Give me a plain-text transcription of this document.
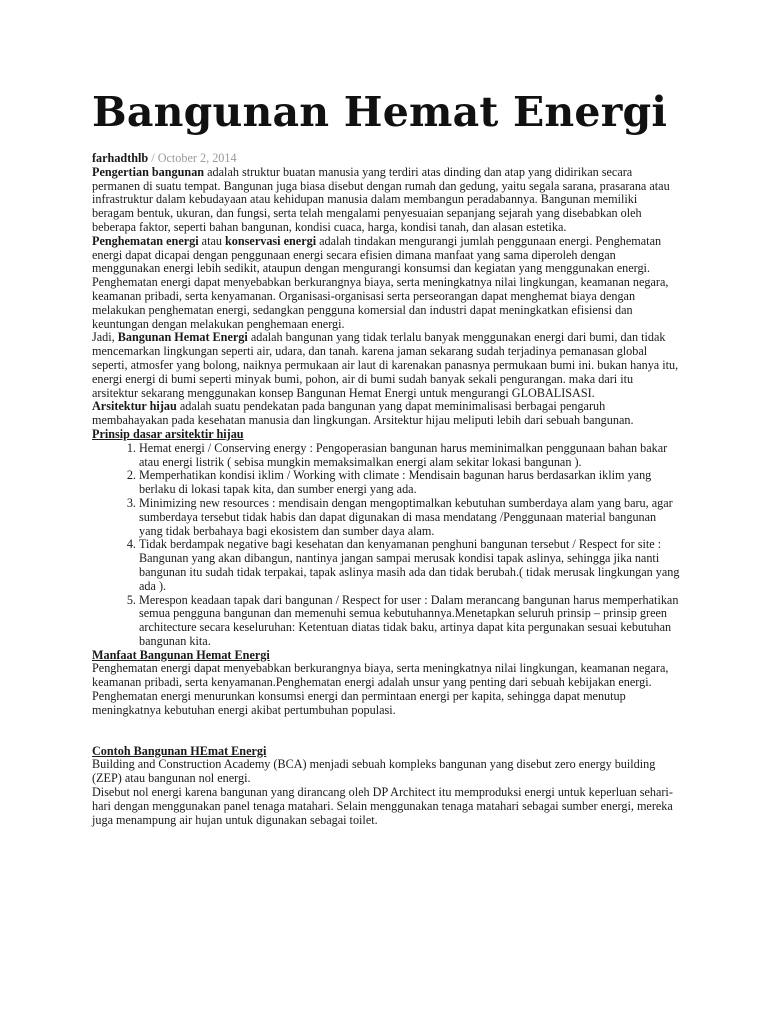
Bangunan Hemat Energi

farhadthlb / October 2, 2014

Pengertian bangunan adalah struktur buatan manusia yang terdiri atas dinding dan atap yang didirikan secara permanen di suatu tempat. Bangunan juga biasa disebut dengan rumah dan gedung, yaitu segala sarana, prasarana atau infrastruktur dalam kebudayaan atau kehidupan manusia dalam membangun peradabannya. Bangunan memiliki beragam bentuk, ukuran, dan fungsi, serta telah mengalami penyesuaian sepanjang sejarah yang disebabkan oleh beberapa faktor, seperti bahan bangunan, kondisi cuaca, harga, kondisi tanah, dan alasan estetika.

Penghematan energi atau konservasi energi adalah tindakan mengurangi jumlah penggunaan energi. Penghematan energi dapat dicapai dengan penggunaan energi secara efisien dimana manfaat yang sama diperoleh dengan menggunakan energi lebih sedikit, ataupun dengan mengurangi konsumsi dan kegiatan yang menggunakan energi. Penghematan energi dapat menyebabkan berkurangnya biaya, serta meningkatnya nilai lingkungan, keamanan negara, keamanan pribadi, serta kenyamanan. Organisasi-organisasi serta perseorangan dapat menghemat biaya dengan melakukan penghematan energi, sedangkan pengguna komersial dan industri dapat meningkatkan efisiensi dan keuntungan dengan melakukan penghemaan energi.

Jadi, Bangunan Hemat Energi adalah bangunan yang tidak terlalu banyak menggunakan energi dari bumi, dan tidak mencemarkan lingkungan seperti air, udara, dan tanah. karena jaman sekarang sudah terjadinya pemanasan global seperti, atmosfer yang bolong, naiknya permukaan air laut di karenakan panasnya permukaan bumi ini. bukan hanya itu, energi energi di bumi seperti minyak bumi, pohon, air di bumi sudah banyak sekali pengurangan. maka dari itu arsitektur sekarang menggunakan konsep Bangunan Hemat Energi untuk mengurangi GLOBALISASI.

Arsitektur hijau adalah suatu pendekatan pada bangunan yang dapat meminimalisasi berbagai pengaruh membahayakan pada kesehatan manusia dan lingkungan. Arsitektur hijau meliputi lebih dari sebuah bangunan.

Prinsip dasar arsitektir hijau

1. Hemat energi / Conserving energy : Pengoperasian bangunan harus meminimalkan penggunaan bahan bakar atau energi listrik ( sebisa mungkin memaksimalkan energi alam sekitar lokasi bangunan ).
2. Memperhatikan kondisi iklim / Working with climate : Mendisain bagunan harus berdasarkan iklim yang berlaku di lokasi tapak kita, dan sumber energi yang ada.
3. Minimizing new resources : mendisain dengan mengoptimalkan kebutuhan sumberdaya alam yang baru, agar sumberdaya tersebut tidak habis dan dapat digunakan di masa mendatang /Penggunaan material bangunan yang tidak berbahaya bagi ekosistem dan sumber daya alam.
4. Tidak berdampak negative bagi kesehatan dan kenyamanan penghuni bangunan tersebut / Respect for site : Bangunan yang akan dibangun, nantinya jangan sampai merusak kondisi tapak aslinya, sehingga jika nanti bangunan itu sudah tidak terpakai, tapak aslinya masih ada dan tidak berubah.( tidak merusak lingkungan yang ada ).
5. Merespon keadaan tapak dari bangunan / Respect for user : Dalam merancang bangunan harus memperhatikan semua pengguna bangunan dan memenuhi semua kebutuhannya.Menetapkan seluruh prinsip – prinsip green architecture secara keseluruhan: Ketentuan diatas tidak baku, artinya dapat kita pergunakan sesuai kebutuhan bangunan kita.

Manfaat Bangunan Hemat Energi

Penghematan energi dapat menyebabkan berkurangnya biaya, serta meningkatnya nilai lingkungan, keamanan negara, keamanan pribadi, serta kenyamanan.Penghematan energi adalah unsur yang penting dari sebuah kebijakan energi. Penghematan energi menurunkan konsumsi energi dan permintaan energi per kapita, sehingga dapat menutup meningkatnya kebutuhan energi akibat pertumbuhan populasi.

Contoh Bangunan HEmat Energi

Building and Construction Academy (BCA) menjadi sebuah kompleks bangunan yang disebut zero energy building (ZEP) atau bangunan nol energi.

Disebut nol energi karena bangunan yang dirancang oleh DP Architect itu memproduksi energi untuk keperluan sehari-hari dengan menggunakan panel tenaga matahari. Selain menggunakan tenaga matahari sebagai sumber energi, mereka juga menampung air hujan untuk digunakan sebagai toilet.
